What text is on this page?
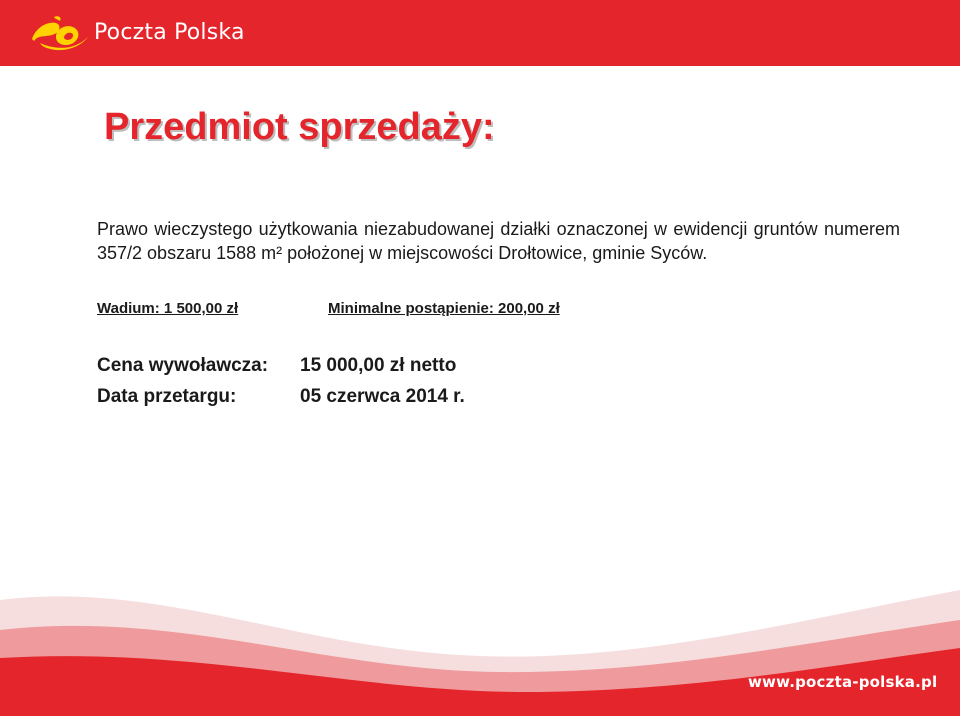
Poczta Polska
Przedmiot sprzedaży:

Prawo wieczystego użytkowania niezabudowanej działki oznaczonej w ewidencji gruntów numerem 357/2 obszaru 1588 m² położonej w miejscowości Drołtowice, gminie Syców.

Wadium: 1 500,00 zł	Minimalne postąpienie: 200,00 zł
Cena wywoławcza: 15 000,00 zł netto
Data przetargu:	05 czerwca 2014 r.
www.poczta-polska.pl
